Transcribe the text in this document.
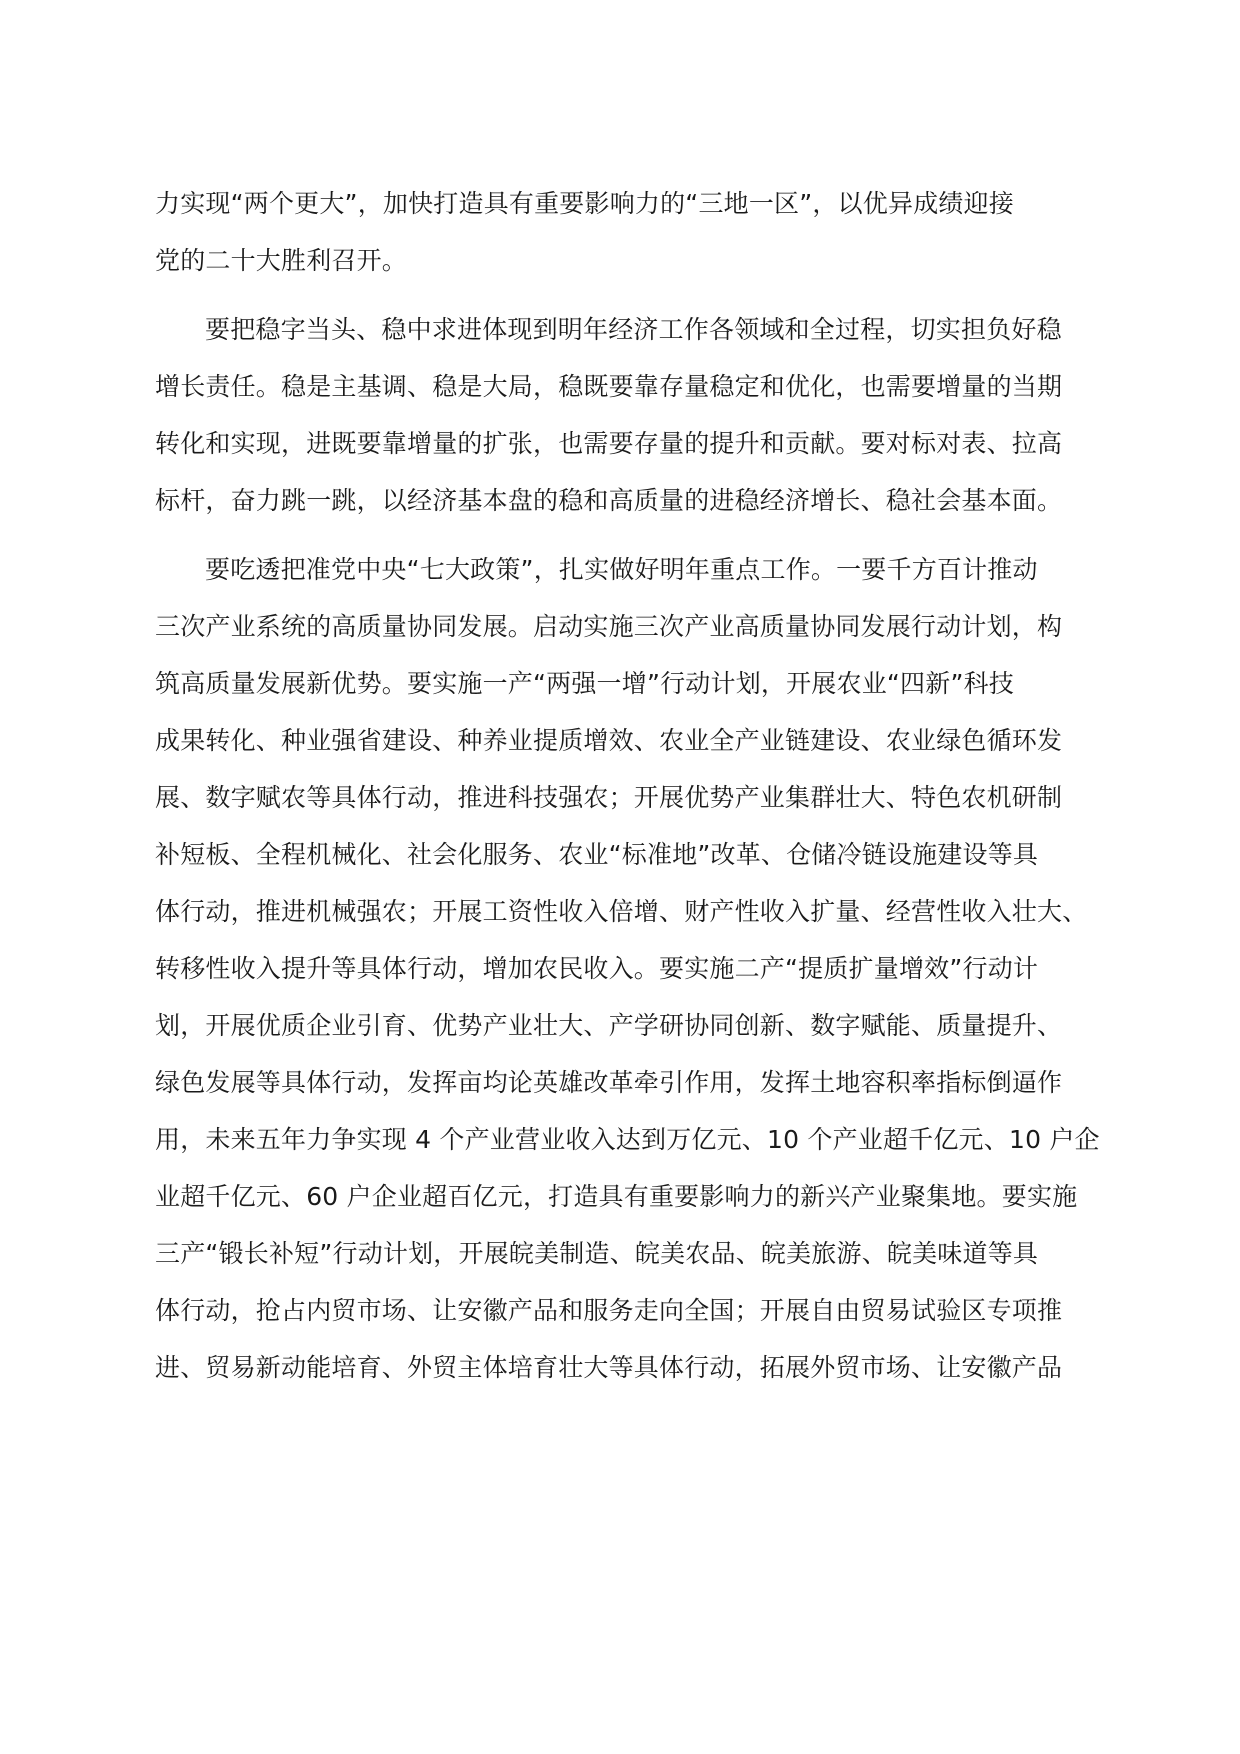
力实现“两个更大”，加快打造具有重要影响力的“三地一区”，以优异成绩迎接
党的二十大胜利召开。
要把稳字当头、稳中求进体现到明年经济工作各领域和全过程，切实担负好稳
增长责任。稳是主基调、稳是大局，稳既要靠存量稳定和优化，也需要增量的当期
转化和实现，进既要靠增量的扩张，也需要存量的提升和贡献。要对标对表、拉高
标杆，奋力跳一跳，以经济基本盘的稳和高质量的进稳经济增长、稳社会基本面。
要吃透把准党中央“七大政策”，扎实做好明年重点工作。一要千方百计推动
三次产业系统的高质量协同发展。启动实施三次产业高质量协同发展行动计划，构
筑高质量发展新优势。要实施一产“两强一增”行动计划，开展农业“四新”科技
成果转化、种业强省建设、种养业提质增效、农业全产业链建设、农业绿色循环发
展、数字赋农等具体行动，推进科技强农；开展优势产业集群壮大、特色农机研制
补短板、全程机械化、社会化服务、农业“标准地”改革、仓储冷链设施建设等具
体行动，推进机械强农；开展工资性收入倍增、财产性收入扩量、经营性收入壮大、
转移性收入提升等具体行动，增加农民收入。要实施二产“提质扩量增效”行动计
划，开展优质企业引育、优势产业壮大、产学研协同创新、数字赋能、质量提升、
绿色发展等具体行动，发挥亩均论英雄改革牵引作用，发挥土地容积率指标倒逼作
用，未来五年力争实现 4 个产业营业收入达到万亿元、10 个产业超千亿元、10 户企
业超千亿元、60 户企业超百亿元，打造具有重要影响力的新兴产业聚集地。要实施
三产“锻长补短”行动计划，开展皖美制造、皖美农品、皖美旅游、皖美味道等具
体行动，抢占内贸市场、让安徽产品和服务走向全国；开展自由贸易试验区专项推
进、贸易新动能培育、外贸主体培育壮大等具体行动，拓展外贸市场、让安徽产品
